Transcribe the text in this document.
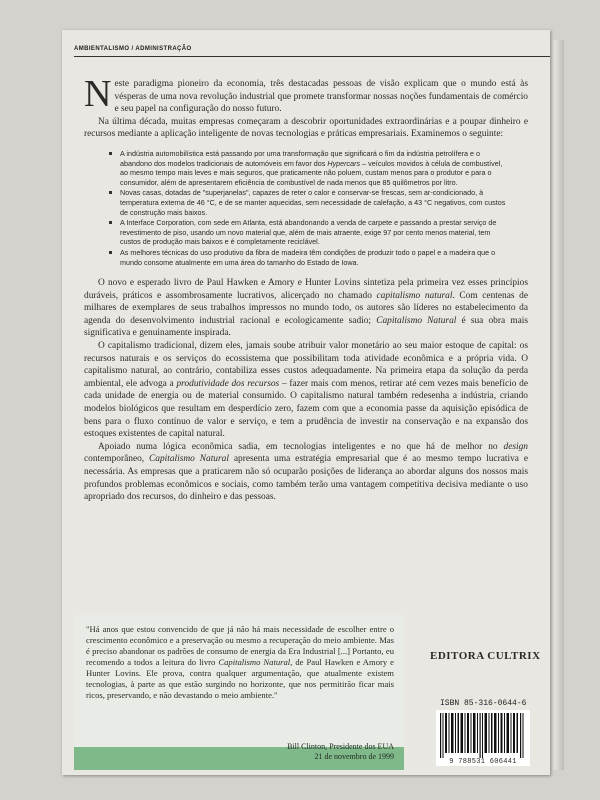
AMBIENTALISMO / ADMINISTRAÇÃO

Neste paradigma pioneiro da economia, três destacadas pessoas de visão explicam que o mundo está às vésperas de uma nova revolução industrial que promete transformar nossas noções fundamentais de comércio e seu papel na configuração do nosso futuro.

Na última década, muitas empresas começaram a descobrir oportunidades extraordinárias e a poupar dinheiro e recursos mediante a aplicação inteligente de novas tecnologias e práticas empresariais. Examinemos o seguinte:

A indústria automobilística está passando por uma transformação que significará o fim da indústria petrolífera e o abandono dos modelos tradicionais de automóveis em favor dos Hypercars – veículos movidos à célula de combustível, ao mesmo tempo mais leves e mais seguros, que praticamente não poluem, custam menos para o produtor e para o consumidor, além de apresentarem eficiência de combustível de nada menos que 85 quilômetros por litro.
Novas casas, dotadas de "superjanelas", capazes de reter o calor e conservar-se frescas, sem ar-condicionado, à temperatura externa de 46 °C, e de se manter aquecidas, sem necessidade de calefação, a 43 °C negativos, com custos de construção mais baixos.
A Interface Corporation, com sede em Atlanta, está abandonando a venda de carpete e passando a prestar serviço de revestimento de piso, usando um novo material que, além de mais atraente, exige 97 por cento menos material, tem custos de produção mais baixos e é completamente reciclável.
As melhores técnicas do uso produtivo da fibra de madeira têm condições de produzir todo o papel e a madeira que o mundo consome atualmente em uma área do tamanho do Estado de Iowa.

O novo e esperado livro de Paul Hawken e Amory e Hunter Lovins sintetiza pela primeira vez esses princípios duráveis, práticos e assombrosamente lucrativos, alicerçado no chamado capitalismo natural. Com centenas de milhares de exemplares de seus trabalhos impressos no mundo todo, os autores são líderes no estabelecimento da agenda do desenvolvimento industrial racional e ecologicamente sadio; Capitalismo Natural é sua obra mais significativa e genuinamente inspirada.

O capitalismo tradicional, dizem eles, jamais soube atribuir valor monetário ao seu maior estoque de capital: os recursos naturais e os serviços do ecossistema que possibilitam toda atividade econômica e a própria vida. O capitalismo natural, ao contrário, contabiliza esses custos adequadamente. Na primeira etapa da solução da perda ambiental, ele advoga a produtividade dos recursos – fazer mais com menos, retirar até cem vezes mais benefício de cada unidade de energia ou de material consumido. O capitalismo natural também redesenha a indústria, criando modelos biológicos que resultam em desperdício zero, fazem com que a economia passe da aquisição episódica de bens para o fluxo contínuo de valor e serviço, e tem a prudência de investir na conservação e na expansão dos estoques existentes de capital natural.

Apoiado numa lógica econômica sadia, em tecnologias inteligentes e no que há de melhor no design contemporâneo, Capitalismo Natural apresenta uma estratégia empresarial que é ao mesmo tempo lucrativa e necessária. As empresas que a praticarem não só ocuparão posições de liderança ao abordar alguns dos nossos mais profundos problemas econômicos e sociais, como também terão uma vantagem competitiva decisiva mediante o uso apropriado dos recursos, do dinheiro e das pessoas.

"Há anos que estou convencido de que já não há mais necessidade de escolher entre o crescimento econômico e a preservação ou mesmo a recuperação do meio ambiente. Mas é preciso abandonar os padrões de consumo de energia da Era Industrial [...] Portanto, eu recomendo a todos a leitura do livro Capitalismo Natural, de Paul Hawken e Amory e Hunter Lovins. Ele prova, contra qualquer argumentação, que atualmente existem tecnologias, à parte as que estão surgindo no horizonte, que nos permitirão ficar mais ricos, preservando, e não devastando o meio ambiente."
Bill Clinton, Presidente dos EUA
21 de novembro de 1999
EDITORA CULTRIX
ISBN 85-316-0644-6
9 788531 606441
